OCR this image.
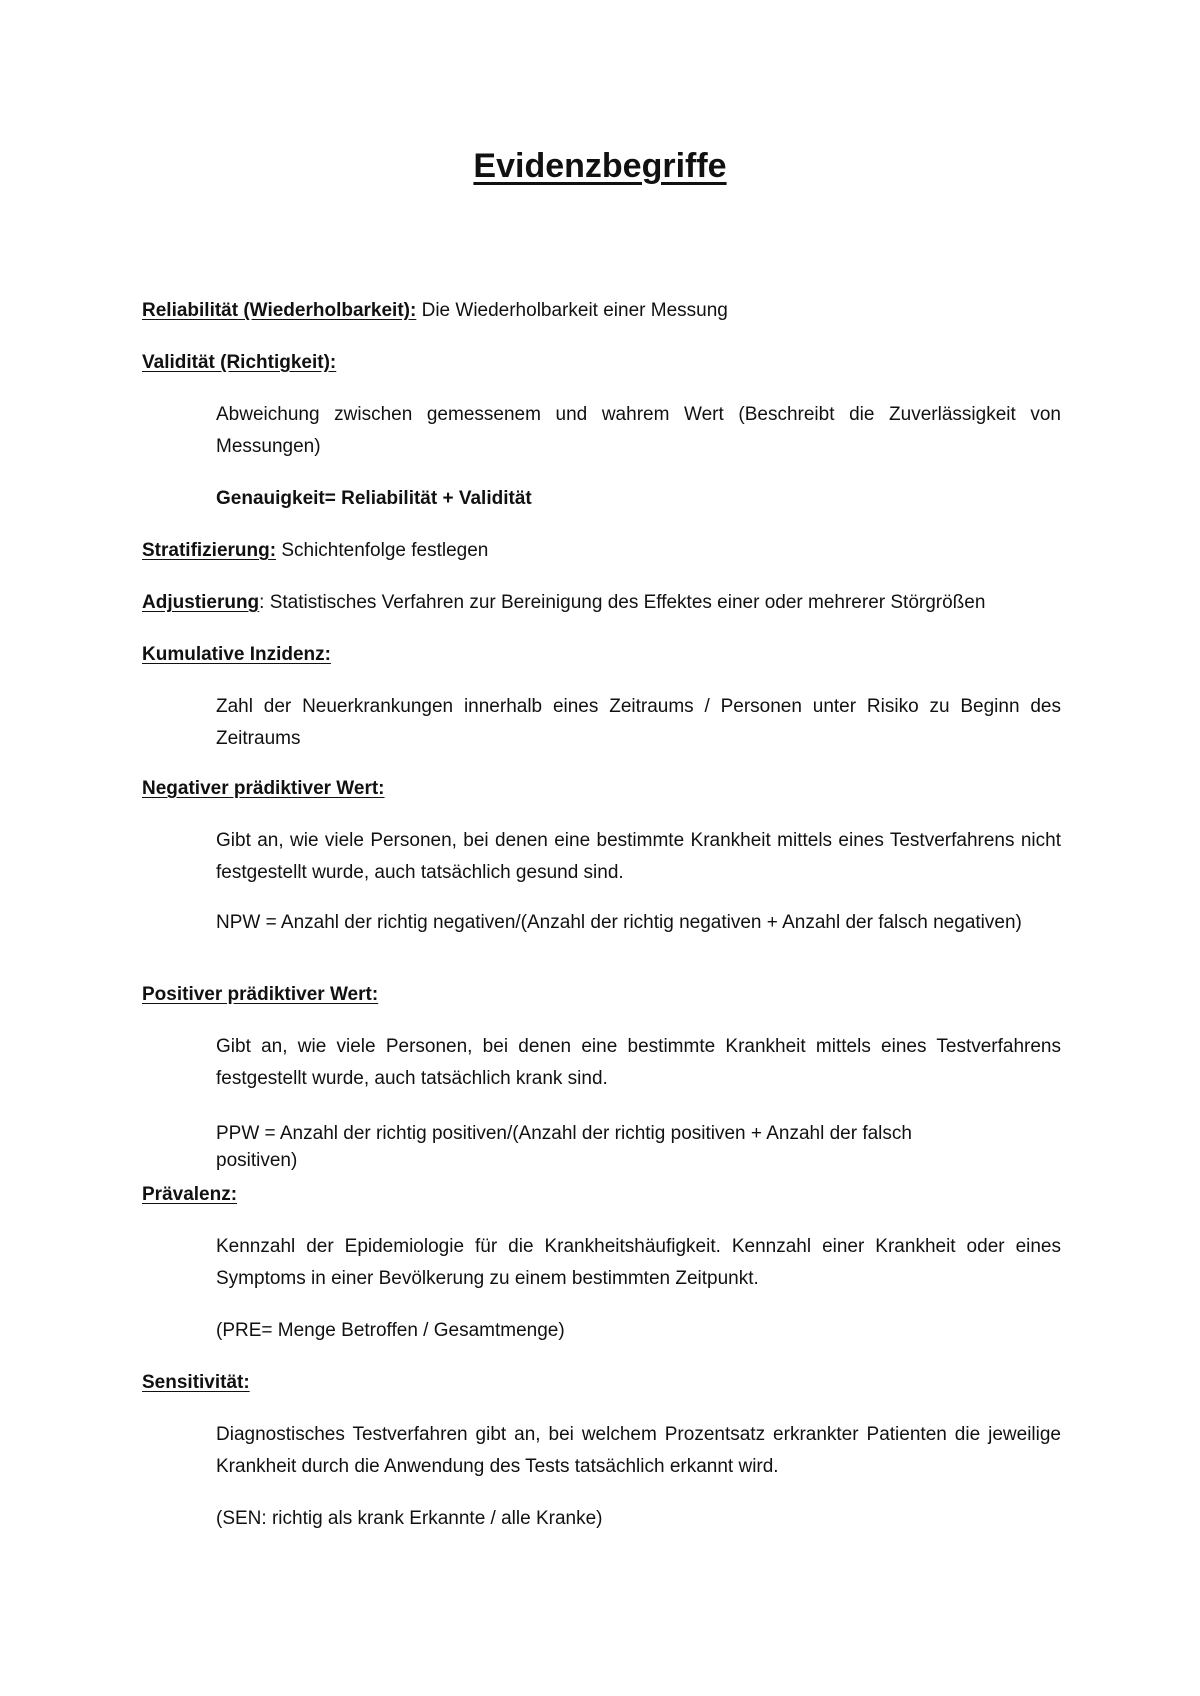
Evidenzbegriffe

Reliabilität (Wiederholbarkeit): Die Wiederholbarkeit einer Messung

Validität (Richtigkeit):

Abweichung zwischen gemessenem und wahrem Wert (Beschreibt die Zuverlässigkeit von Messungen)

Genauigkeit= Reliabilität + Validität

Stratifizierung: Schichtenfolge festlegen

Adjustierung: Statistisches Verfahren zur Bereinigung des Effektes einer oder mehrerer Störgrößen

Kumulative Inzidenz:

Zahl der Neuerkrankungen innerhalb eines Zeitraums / Personen unter Risiko zu Beginn des Zeitraums

Negativer prädiktiver Wert:

Gibt an, wie viele Personen, bei denen eine bestimmte Krankheit mittels eines Testverfahrens nicht festgestellt wurde, auch tatsächlich gesund sind.

NPW = Anzahl der richtig negativen/(Anzahl der richtig negativen + Anzahl der falsch negativen)

Positiver prädiktiver Wert:

Gibt an, wie viele Personen, bei denen eine bestimmte Krankheit mittels eines Testverfahrens festgestellt wurde, auch tatsächlich krank sind.

PPW = Anzahl der richtig positiven/(Anzahl der richtig positiven + Anzahl der falsch positiven)

Prävalenz:

Kennzahl der Epidemiologie für die Krankheitshäufigkeit. Kennzahl einer Krankheit oder eines Symptoms in einer Bevölkerung zu einem bestimmten Zeitpunkt.

(PRE= Menge Betroffen / Gesamtmenge)

Sensitivität:

Diagnostisches Testverfahren gibt an, bei welchem Prozentsatz erkrankter Patienten die jeweilige Krankheit durch die Anwendung des Tests tatsächlich erkannt wird.

(SEN: richtig als krank Erkannte / alle Kranke)
